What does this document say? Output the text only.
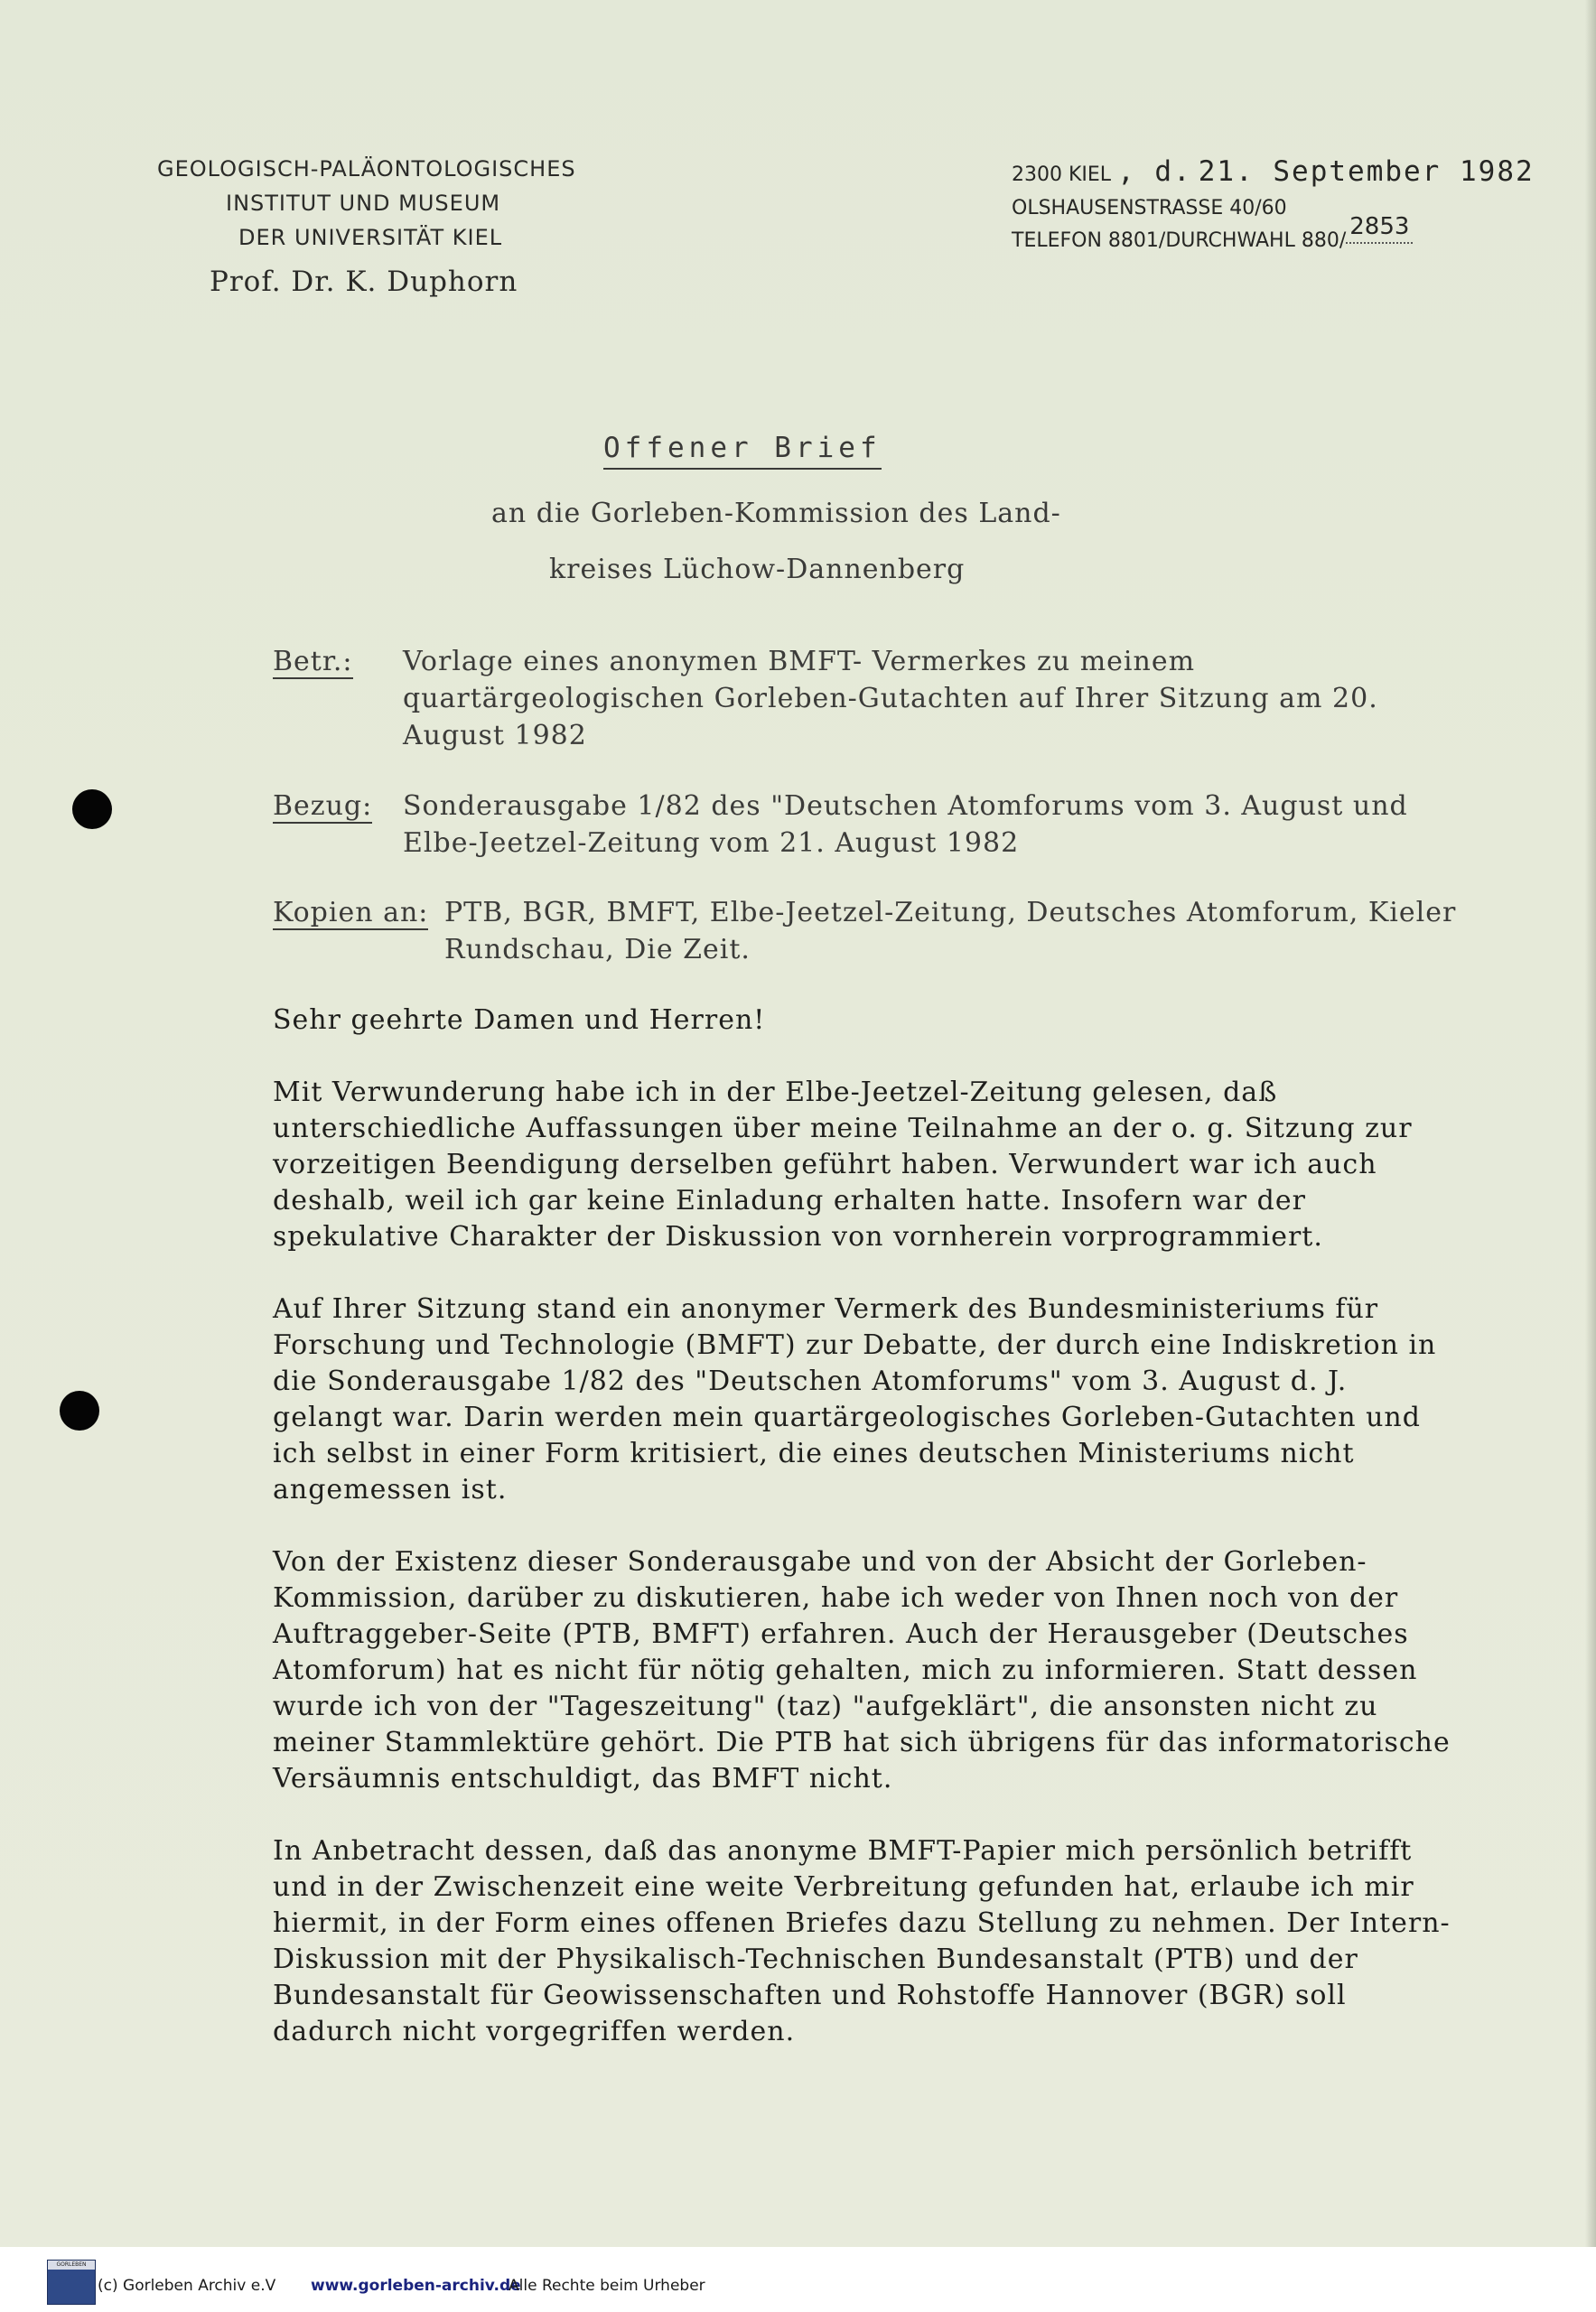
GEOLOGISCH-PALÄONTOLOGISCHES
INSTITUT UND MUSEUM
DER UNIVERSITÄT KIEL
Prof. Dr. K. Duphorn
2300 KIEL , d. 21. September 1982
OLSHAUSENSTRASSE 40/60
TELEFON 8801/DURCHWAHL 880/2853
Offener Brief
an die Gorleben-Kommission des Land-
kreises Lüchow-Dannenberg
Betr.: Vorlage eines anonymen BMFT- Vermerkes zu meinem quartärgeologischen Gorleben-Gutachten auf Ihrer Sitzung am 20. August 1982
Bezug: Sonderausgabe 1/82 des "Deutschen Atomforums vom 3. August und Elbe-Jeetzel-Zeitung vom 21. August 1982
Kopien an: PTB, BGR, BMFT, Elbe-Jeetzel-Zeitung, Deutsches Atomforum, Kieler Rundschau, Die Zeit.

Sehr geehrte Damen und Herren!

Mit Verwunderung habe ich in der Elbe-Jeetzel-Zeitung gelesen, daß unterschiedliche Auffassungen über meine Teilnahme an der o. g. Sitzung zur vorzeitigen Beendigung derselben geführt haben. Verwundert war ich auch deshalb, weil ich gar keine Einladung erhalten hatte. Insofern war der spekulative Charakter der Diskussion von vornherein vorprogrammiert.

Auf Ihrer Sitzung stand ein anonymer Vermerk des Bundesministeriums für Forschung und Technologie (BMFT) zur Debatte, der durch eine Indiskretion in die Sonderausgabe 1/82 des "Deutschen Atomforums" vom 3. August d. J. gelangt war. Darin werden mein quartärgeologisches Gorleben-Gutachten und ich selbst in einer Form kritisiert, die eines deutschen Ministeriums nicht angemessen ist.

Von der Existenz dieser Sonderausgabe und von der Absicht der Gorleben-Kommission, darüber zu diskutieren, habe ich weder von Ihnen noch von der Auftraggeber-Seite (PTB, BMFT) erfahren. Auch der Herausgeber (Deutsches Atomforum) hat es nicht für nötig gehalten, mich zu informieren. Statt dessen wurde ich von der "Tageszeitung" (taz) "aufgeklärt", die ansonsten nicht zu meiner Stammlektüre gehört. Die PTB hat sich übrigens für das informatorische Versäumnis entschuldigt, das BMFT nicht.

In Anbetracht dessen, daß das anonyme BMFT-Papier mich persönlich betrifft und in der Zwischenzeit eine weite Verbreitung gefunden hat, erlaube ich mir hiermit, in der Form eines offenen Briefes dazu Stellung zu nehmen. Der Intern-Diskussion mit der Physikalisch-Technischen Bundesanstalt (PTB) und der Bundesanstalt für Geowissenschaften und Rohstoffe Hannover (BGR) soll dadurch nicht vorgegriffen werden.

GORLEBEN
(c) Gorleben Archiv e.V www.gorleben-archiv.de
Alle Rechte beim Urheber
